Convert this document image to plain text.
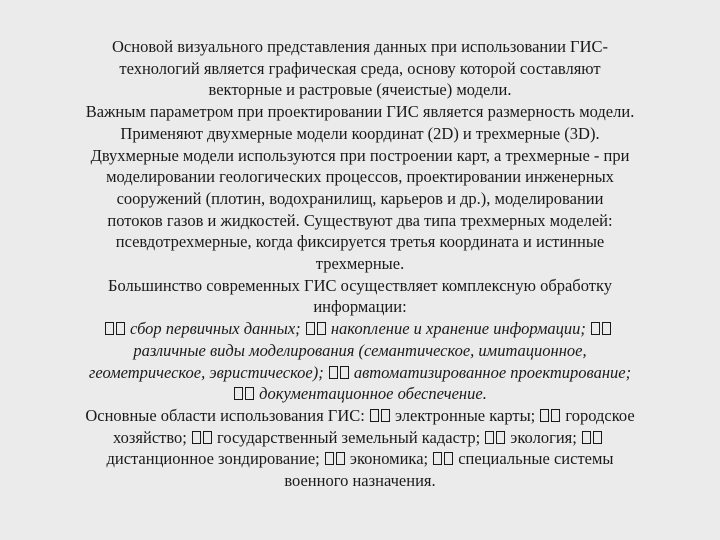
Основой визуального представления данных при использовании ГИС-
технологий является графическая среда, основу которой составляют
векторные и растровые (ячеистые) модели.
Важным параметром при проектировании ГИС является размерность модели.
Применяют двухмерные модели координат (2D) и трехмерные (3D).
Двухмерные модели используются при построении карт, а трехмерные - при
моделировании геологических процессов, проектировании инженерных
сооружений (плотин, водохранилищ, карьеров и др.), моделировании
потоков газов и жидкостей. Существуют два типа трехмерных моделей:
псевдотрехмерные, когда фиксируется третья координата и истинные
трехмерные.
Большинство современных ГИС осуществляет комплексную обработку
информации:
сбор первичных данных; накопление и хранение информации;
различные виды моделирования (семантическое, имитационное,
геометрическое, эвристическое); автоматизированное проектирование;
документационное обеспечение.
Основные области использования ГИС: электронные карты; городское
хозяйство; государственный земельный кадастр; экология;
дистанционное зондирование; экономика; специальные системы
военного назначения.
